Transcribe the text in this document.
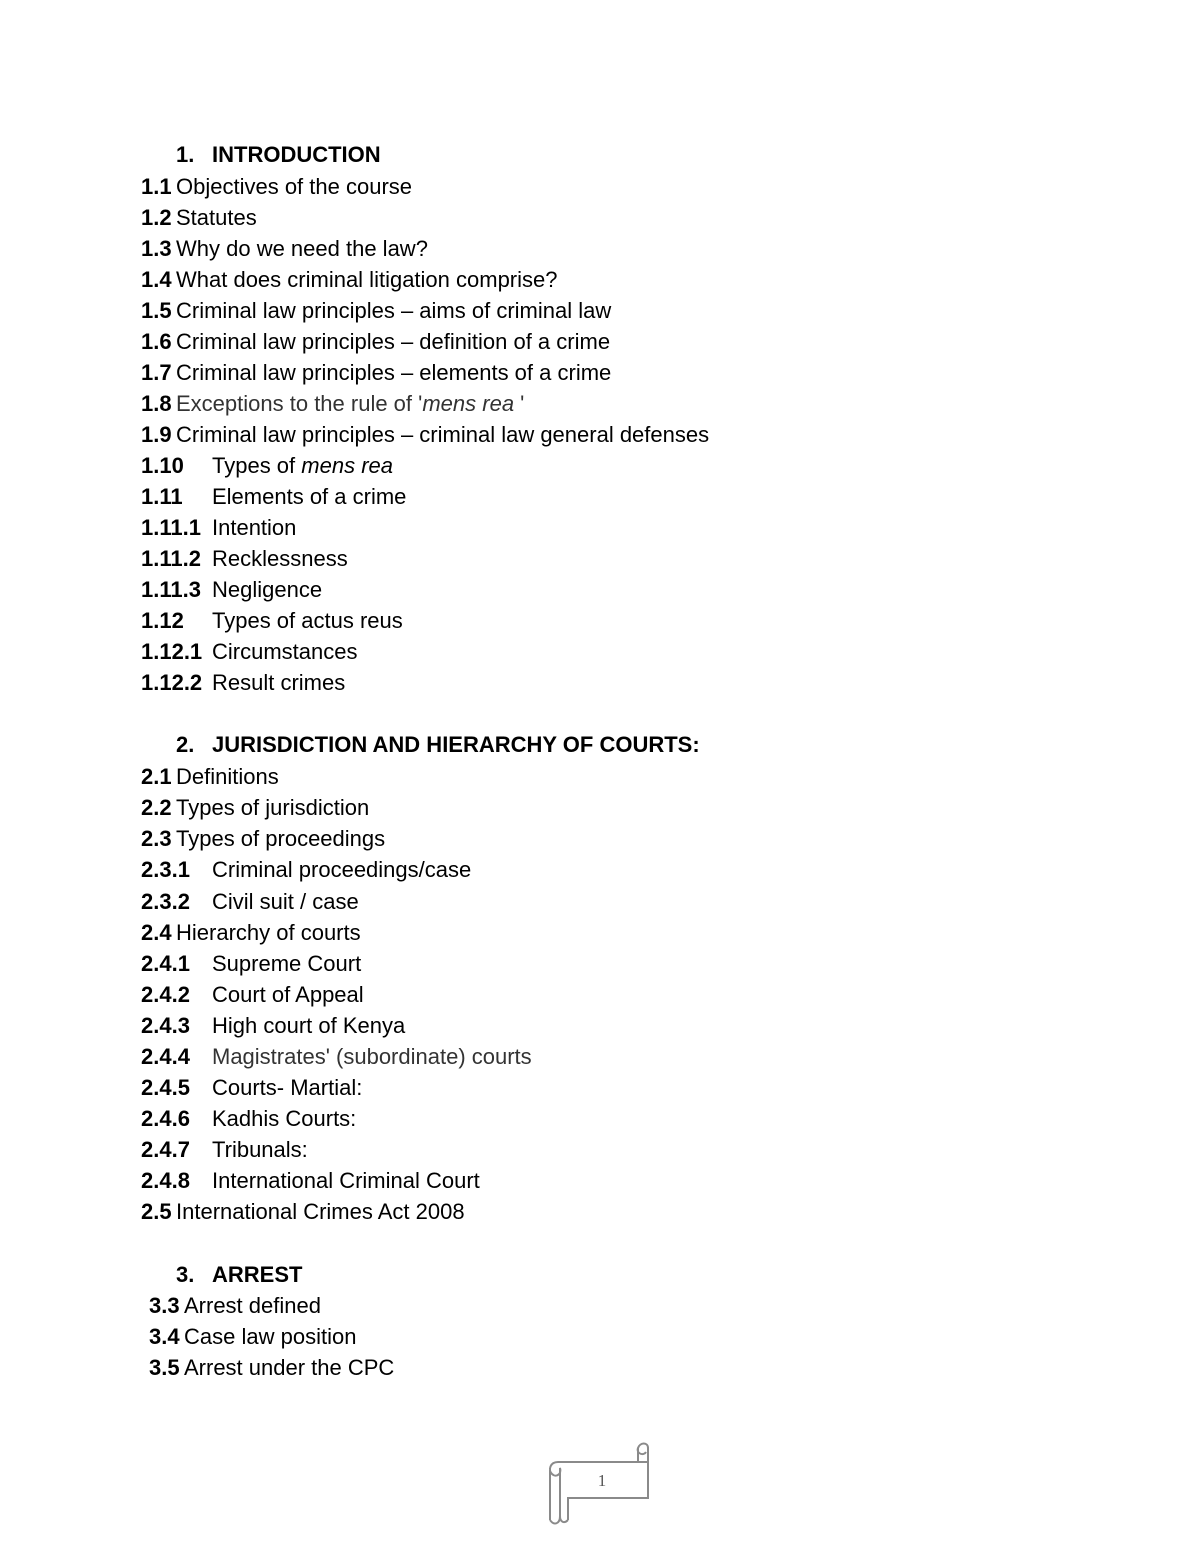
1. INTRODUCTION
1.1 Objectives of the course
1.2 Statutes
1.3 Why do we need the law?
1.4 What does criminal litigation comprise?
1.5 Criminal law principles – aims of criminal law
1.6 Criminal law principles – definition of a crime
1.7 Criminal law principles – elements of a crime
1.8 Exceptions to the rule of 'mens rea '
1.9 Criminal law principles – criminal law general defenses
1.10 Types of mens rea
1.11 Elements of a crime
1.11.1 Intention
1.11.2 Recklessness
1.11.3 Negligence
1.12 Types of actus reus
1.12.1 Circumstances
1.12.2 Result crimes
2. JURISDICTION AND HIERARCHY OF COURTS:
2.1 Definitions
2.2 Types of jurisdiction
2.3 Types of proceedings
2.3.1 Criminal proceedings/case
2.3.2 Civil suit / case
2.4 Hierarchy of courts
2.4.1 Supreme Court
2.4.2 Court of Appeal
2.4.3 High court of Kenya
2.4.4 Magistrates' (subordinate) courts
2.4.5 Courts- Martial:
2.4.6 Kadhis Courts:
2.4.7 Tribunals:
2.4.8 International Criminal Court
2.5 International Crimes Act 2008
3. ARREST
3.3 Arrest defined
3.4 Case law position
3.5 Arrest under the CPC
1
